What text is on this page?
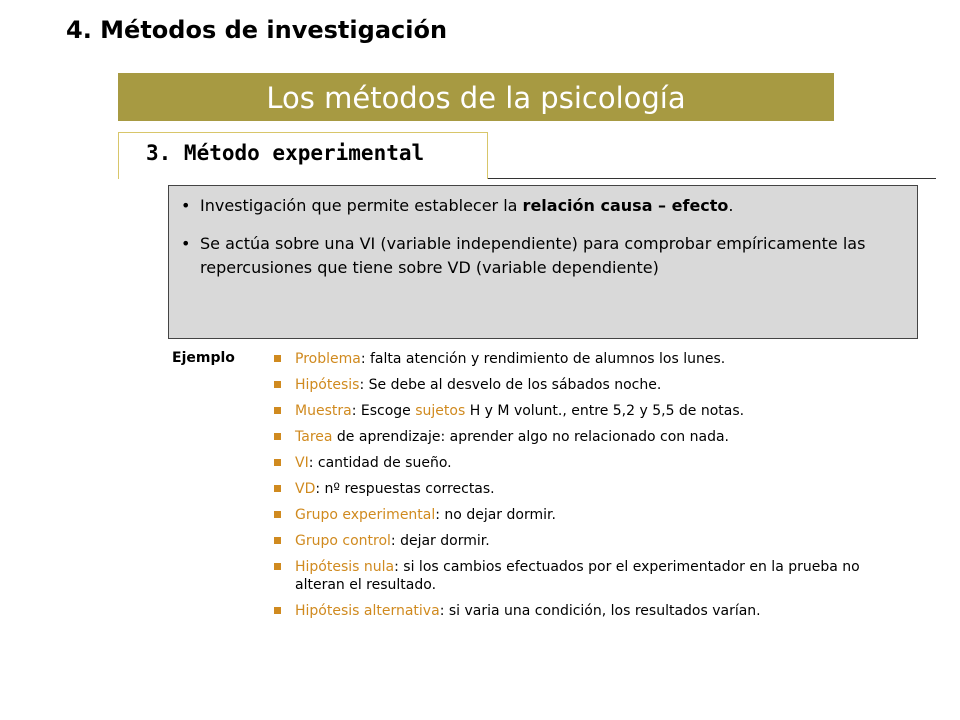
4. Métodos de investigación
Los métodos de la psicología
3. Método experimental
• Investigación que permite establecer la relación causa – efecto.
• Se actúa sobre una VI (variable independiente) para comprobar empíricamente las repercusiones que tiene sobre VD (variable dependiente)
Ejemplo	Problema: falta atención y rendimiento de alumnos los lunes.
Hipótesis: Se debe al desvelo de los sábados noche.
Muestra: Escoge sujetos H y M volunt., entre 5,2 y 5,5 de notas.
Tarea de aprendizaje: aprender algo no relacionado con nada.
VI: cantidad de sueño.
VD: nº respuestas correctas.
Grupo experimental: no dejar dormir.
Grupo control: dejar dormir.
Hipótesis nula: si los cambios efectuados por el experimentador en la prueba no alteran el resultado.
Hipótesis alternativa: si varia una condición, los resultados varían.
